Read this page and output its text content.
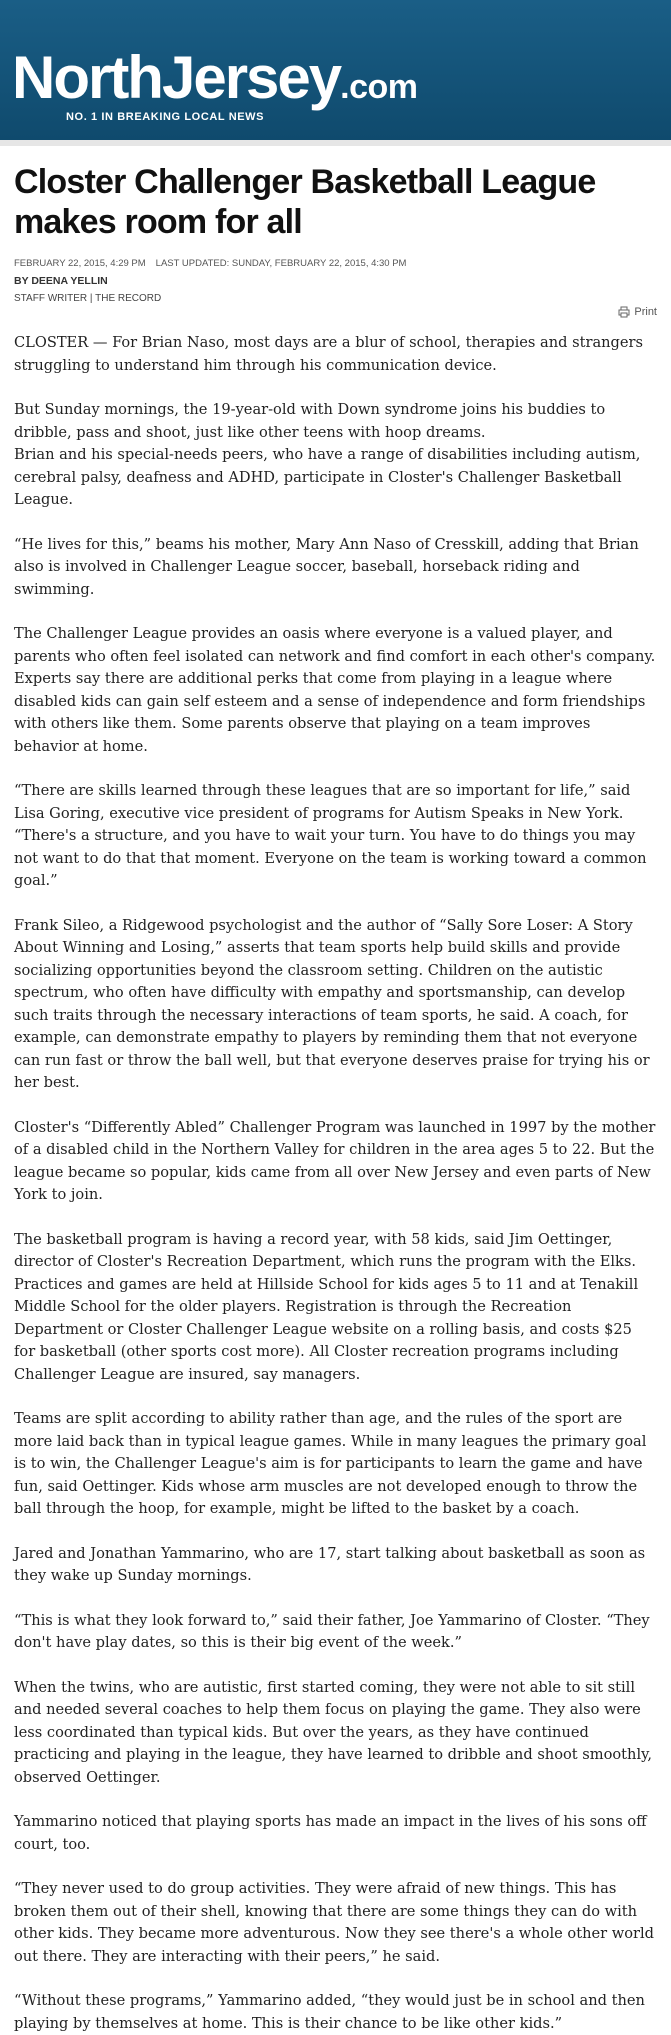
NorthJersey.com
NO. 1 IN BREAKING LOCAL NEWS
Closter Challenger Basketball League makes room for all
FEBRUARY 22, 2015, 4:29 PM LAST UPDATED: SUNDAY, FEBRUARY 22, 2015, 4:30 PM
BY DEENA YELLIN
STAFF WRITER | THE RECORD
Print

CLOSTER — For Brian Naso, most days are a blur of school, therapies and strangers struggling to understand him through his communication device.

But Sunday mornings, the 19-year-old with Down syndrome joins his buddies to dribble, pass and shoot, just like other teens with hoop dreams.

Brian and his special-needs peers, who have a range of disabilities including autism, cerebral palsy, deafness and ADHD, participate in Closter's Challenger Basketball League.

“He lives for this,” beams his mother, Mary Ann Naso of Cresskill, adding that Brian also is involved in Challenger League soccer, baseball, horseback riding and swimming.

The Challenger League provides an oasis where everyone is a valued player, and parents who often feel isolated can network and find comfort in each other's company. Experts say there are additional perks that come from playing in a league where disabled kids can gain self esteem and a sense of independence and form friendships with others like them. Some parents observe that playing on a team improves behavior at home.

“There are skills learned through these leagues that are so important for life,” said Lisa Goring, executive vice president of programs for Autism Speaks in New York. “There's a structure, and you have to wait your turn. You have to do things you may not want to do that that moment. Everyone on the team is working toward a common goal.”

Frank Sileo, a Ridgewood psychologist and the author of “Sally Sore Loser: A Story About Winning and Losing,” asserts that team sports help build skills and provide socializing opportunities beyond the classroom setting. Children on the autistic spectrum, who often have difficulty with empathy and sportsmanship, can develop such traits through the necessary interactions of team sports, he said. A coach, for example, can demonstrate empathy to players by reminding them that not everyone can run fast or throw the ball well, but that everyone deserves praise for trying his or her best.

Closter's “Differently Abled” Challenger Program was launched in 1997 by the mother of a disabled child in the Northern Valley for children in the area ages 5 to 22. But the league became so popular, kids came from all over New Jersey and even parts of New York to join.

The basketball program is having a record year, with 58 kids, said Jim Oettinger, director of Closter's Recreation Department, which runs the program with the Elks. Practices and games are held at Hillside School for kids ages 5 to 11 and at Tenakill Middle School for the older players. Registration is through the Recreation Department or Closter Challenger League website on a rolling basis, and costs $25 for basketball (other sports cost more). All Closter recreation programs including Challenger League are insured, say managers.

Teams are split according to ability rather than age, and the rules of the sport are more laid back than in typical league games. While in many leagues the primary goal is to win, the Challenger League's aim is for participants to learn the game and have fun, said Oettinger. Kids whose arm muscles are not developed enough to throw the ball through the hoop, for example, might be lifted to the basket by a coach.

Jared and Jonathan Yammarino, who are 17, start talking about basketball as soon as they wake up Sunday mornings.

“This is what they look forward to,” said their father, Joe Yammarino of Closter. “They don't have play dates, so this is their big event of the week.”

When the twins, who are autistic, first started coming, they were not able to sit still and needed several coaches to help them focus on playing the game. They also were less coordinated than typical kids. But over the years, as they have continued practicing and playing in the league, they have learned to dribble and shoot smoothly, observed Oettinger.

Yammarino noticed that playing sports has made an impact in the lives of his sons off court, too.

“They never used to do group activities. They were afraid of new things. This has broken them out of their shell, knowing that there are some things they can do with other kids. They became more adventurous. Now they see there's a whole other world out there. They are interacting with their peers,” he said.

“Without these programs,” Yammarino added, “they would just be in school and then playing by themselves at home. This is their chance to be like other kids.”
